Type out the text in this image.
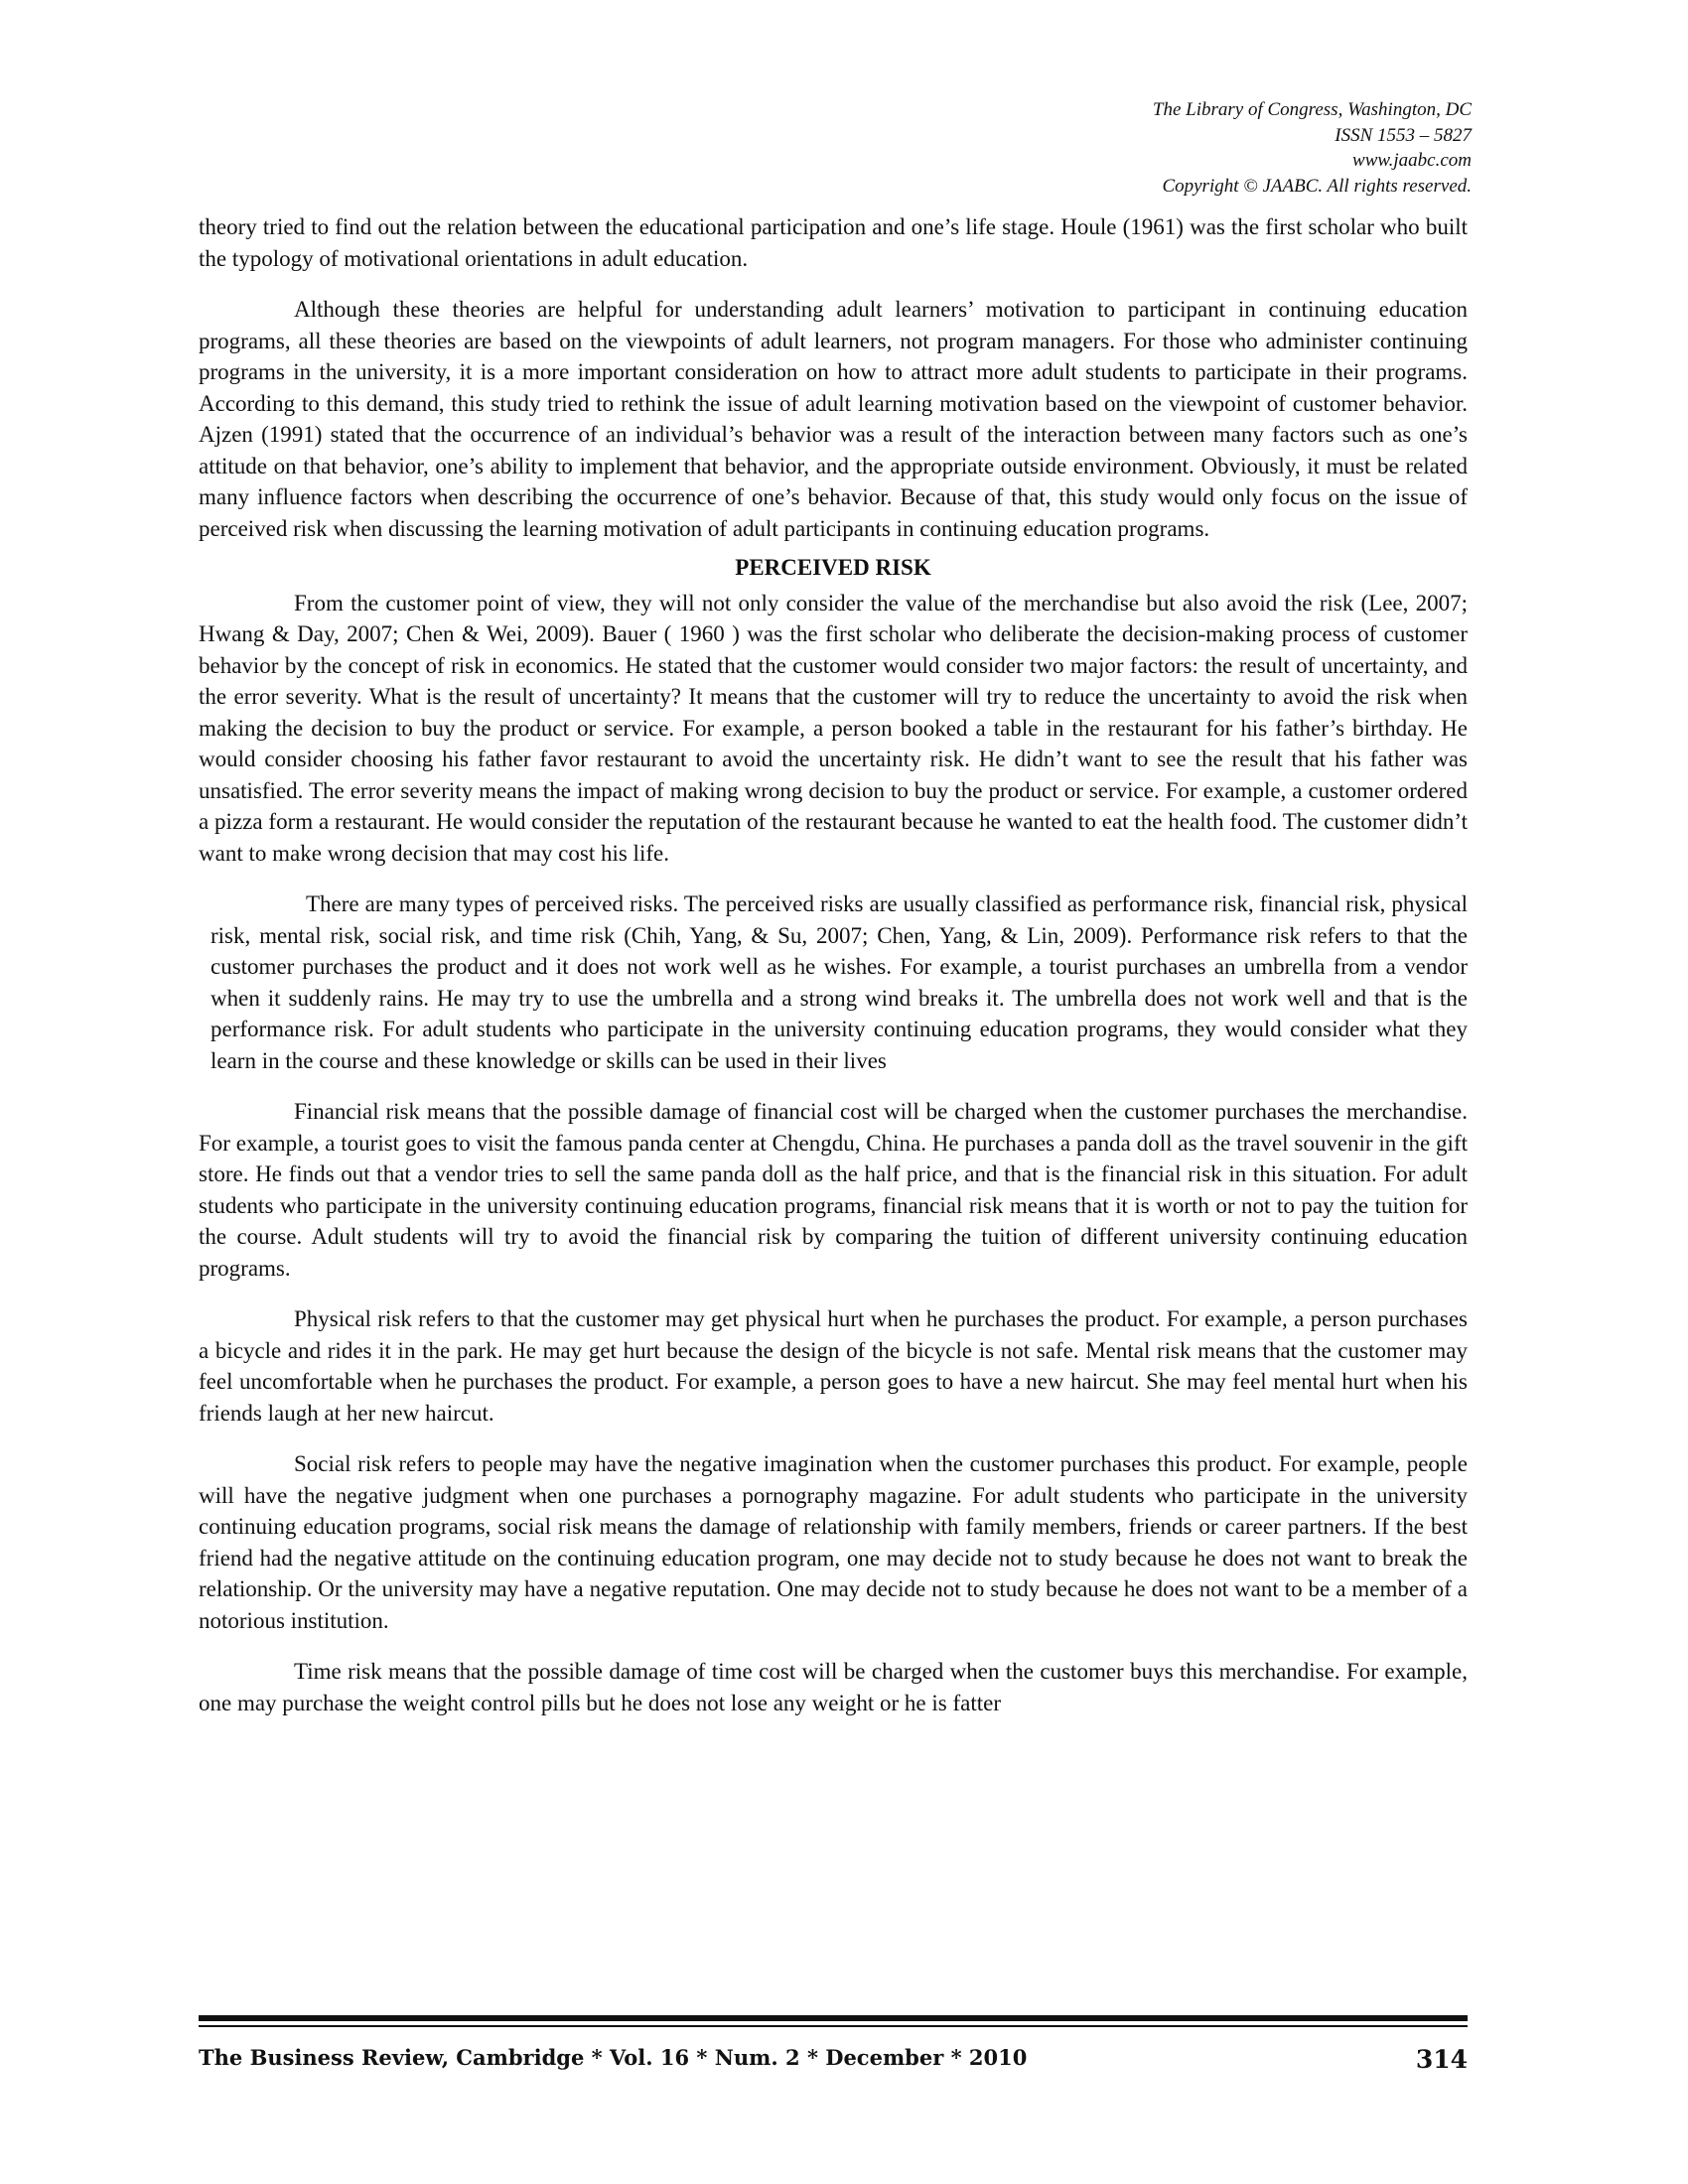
The Library of Congress, Washington, DC
ISSN 1553 – 5827
www.jaabc.com
Copyright © JAABC. All rights reserved.

theory tried to find out the relation between the educational participation and one’s life stage. Houle (1961) was the first scholar who built the typology of motivational orientations in adult education.

Although these theories are helpful for understanding adult learners’ motivation to participant in continuing education programs, all these theories are based on the viewpoints of adult learners, not program managers. For those who administer continuing programs in the university, it is a more important consideration on how to attract more adult students to participate in their programs. According to this demand, this study tried to rethink the issue of adult learning motivation based on the viewpoint of customer behavior. Ajzen (1991) stated that the occurrence of an individual’s behavior was a result of the interaction between many factors such as one’s attitude on that behavior, one’s ability to implement that behavior, and the appropriate outside environment. Obviously, it must be related many influence factors when describing the occurrence of one’s behavior. Because of that, this study would only focus on the issue of perceived risk when discussing the learning motivation of adult participants in continuing education programs.

PERCEIVED RISK

From the customer point of view, they will not only consider the value of the merchandise but also avoid the risk (Lee, 2007; Hwang & Day, 2007; Chen & Wei, 2009). Bauer ( 1960 ) was the first scholar who deliberate the decision-making process of customer behavior by the concept of risk in economics. He stated that the customer would consider two major factors: the result of uncertainty, and the error severity. What is the result of uncertainty? It means that the customer will try to reduce the uncertainty to avoid the risk when making the decision to buy the product or service. For example, a person booked a table in the restaurant for his father’s birthday. He would consider choosing his father favor restaurant to avoid the uncertainty risk. He didn’t want to see the result that his father was unsatisfied. The error severity means the impact of making wrong decision to buy the product or service. For example, a customer ordered a pizza form a restaurant. He would consider the reputation of the restaurant because he wanted to eat the health food. The customer didn’t want to make wrong decision that may cost his life.

There are many types of perceived risks. The perceived risks are usually classified as performance risk, financial risk, physical risk, mental risk, social risk, and time risk (Chih, Yang, & Su, 2007; Chen, Yang, & Lin, 2009). Performance risk refers to that the customer purchases the product and it does not work well as he wishes. For example, a tourist purchases an umbrella from a vendor when it suddenly rains. He may try to use the umbrella and a strong wind breaks it. The umbrella does not work well and that is the performance risk. For adult students who participate in the university continuing education programs, they would consider what they learn in the course and these knowledge or skills can be used in their lives

Financial risk means that the possible damage of financial cost will be charged when the customer purchases the merchandise. For example, a tourist goes to visit the famous panda center at Chengdu, China. He purchases a panda doll as the travel souvenir in the gift store. He finds out that a vendor tries to sell the same panda doll as the half price, and that is the financial risk in this situation. For adult students who participate in the university continuing education programs, financial risk means that it is worth or not to pay the tuition for the course. Adult students will try to avoid the financial risk by comparing the tuition of different university continuing education programs.

Physical risk refers to that the customer may get physical hurt when he purchases the product. For example, a person purchases a bicycle and rides it in the park. He may get hurt because the design of the bicycle is not safe. Mental risk means that the customer may feel uncomfortable when he purchases the product. For example, a person goes to have a new haircut. She may feel mental hurt when his friends laugh at her new haircut.

Social risk refers to people may have the negative imagination when the customer purchases this product. For example, people will have the negative judgment when one purchases a pornography magazine. For adult students who participate in the university continuing education programs, social risk means the damage of relationship with family members, friends or career partners. If the best friend had the negative attitude on the continuing education program, one may decide not to study because he does not want to break the relationship. Or the university may have a negative reputation. One may decide not to study because he does not want to be a member of a notorious institution.

Time risk means that the possible damage of time cost will be charged when the customer buys this merchandise. For example, one may purchase the weight control pills but he does not lose any weight or he is fatter

The Business Review, Cambridge * Vol. 16 * Num. 2 * December * 2010	314
